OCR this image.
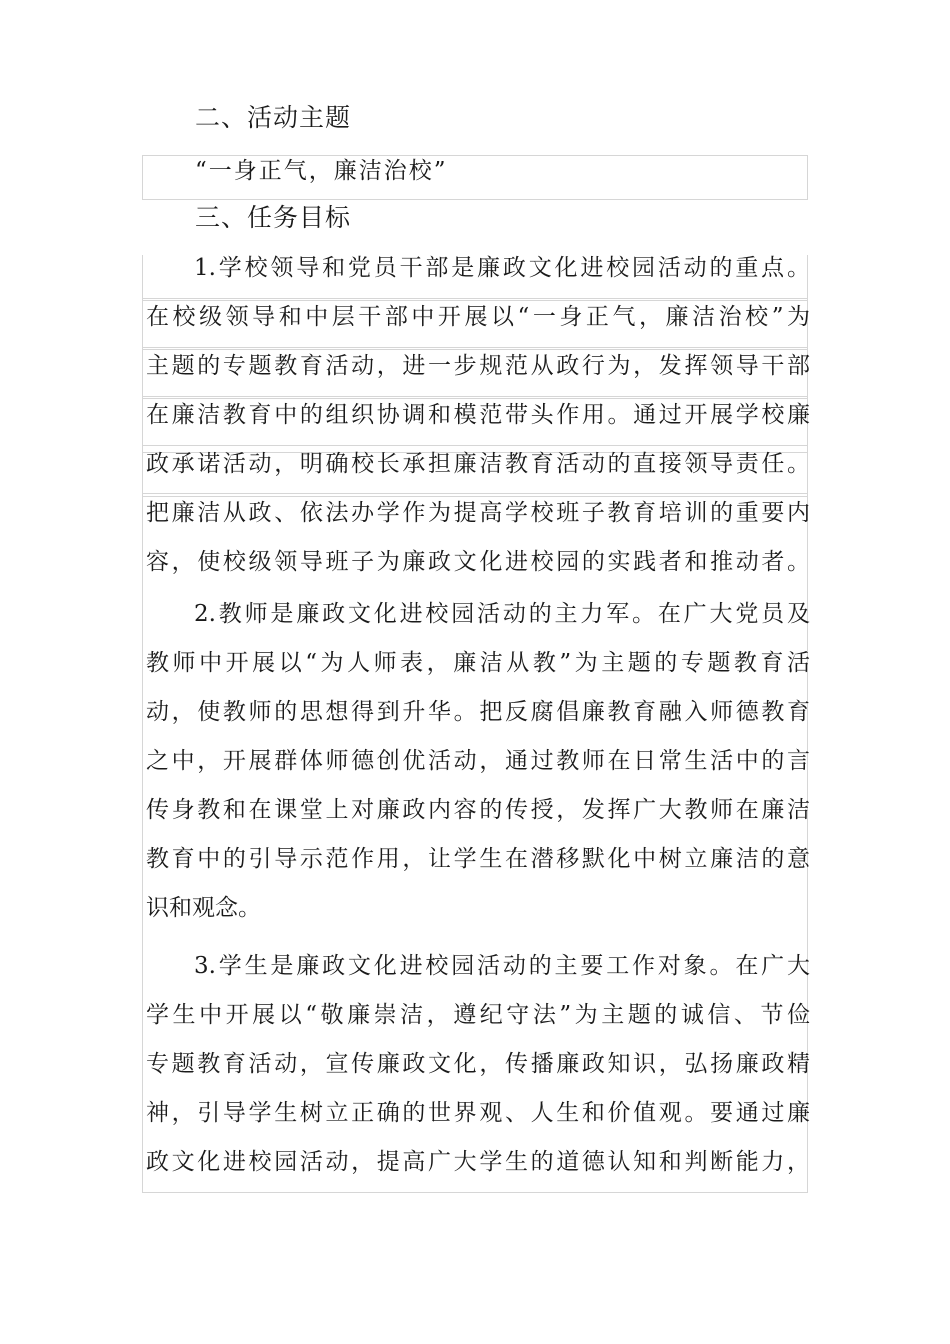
二、活动主题
“一身正气，廉洁治校”
三、任务目标
1.学校领导和党员干部是廉政文化进校园活动的重点。
在校级领导和中层干部中开展以“一身正气，廉洁治校”为
主题的专题教育活动，进一步规范从政行为，发挥领导干部
在廉洁教育中的组织协调和模范带头作用。通过开展学校廉
政承诺活动，明确校长承担廉洁教育活动的直接领导责任。
把廉洁从政、依法办学作为提高学校班子教育培训的重要内
容，使校级领导班子为廉政文化进校园的实践者和推动者。
2.教师是廉政文化进校园活动的主力军。在广大党员及
教师中开展以“为人师表，廉洁从教”为主题的专题教育活
动，使教师的思想得到升华。把反腐倡廉教育融入师德教育
之中，开展群体师德创优活动，通过教师在日常生活中的言
传身教和在课堂上对廉政内容的传授，发挥广大教师在廉洁
教育中的引导示范作用，让学生在潜移默化中树立廉洁的意
识和观念。
3.学生是廉政文化进校园活动的主要工作对象。在广大
学生中开展以“敬廉崇洁，遵纪守法”为主题的诚信、节俭
专题教育活动，宣传廉政文化，传播廉政知识，弘扬廉政精
神，引导学生树立正确的世界观、人生和价值观。要通过廉
政文化进校园活动，提高广大学生的道德认知和判断能力，
